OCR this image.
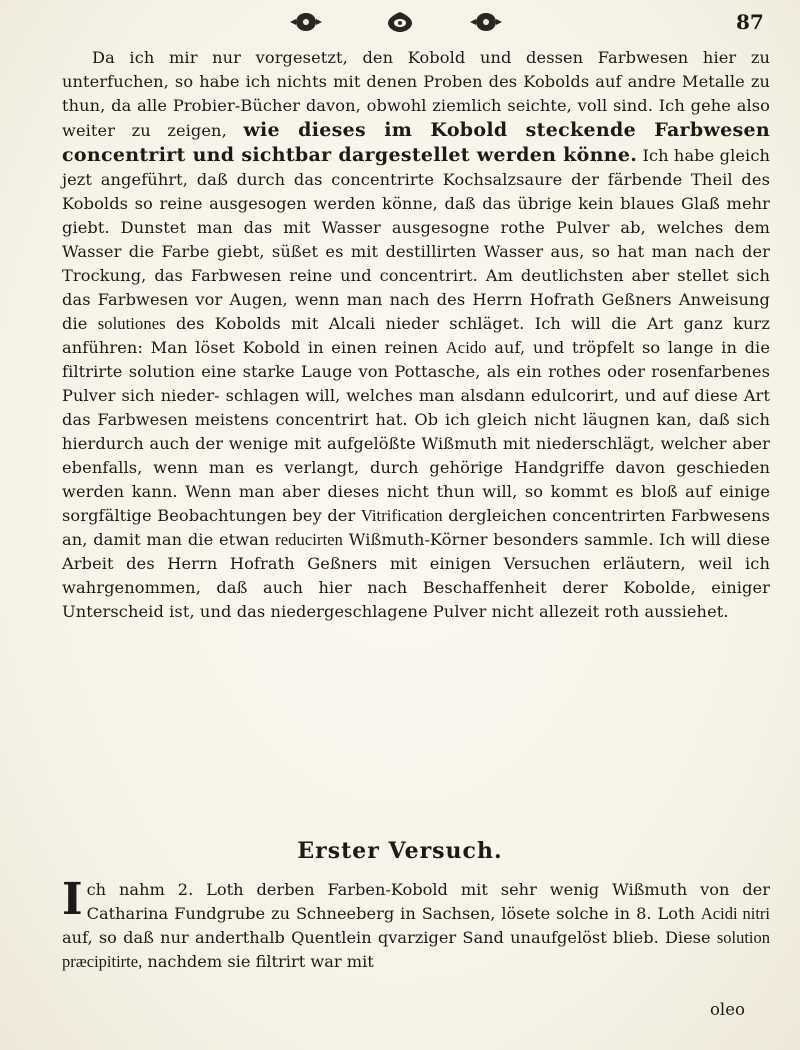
87

Da ich mir nur vorgesetzt, den Kobold und dessen Farbwesen hier zu unterfuchen, so habe ich nichts mit denen Proben des Kobolds auf andre Metalle zu thun, da alle Probier-Bücher davon, obwohl ziemlich seichte, voll sind. Ich gehe also weiter zu zeigen, wie dieses im Kobold steckende Farbwesen concentrirt und sichtbar dargestellet werden könne. Ich habe gleich jezt angeführt, daß durch das concentrirte Kochsalzsaure der färbende Theil des Kobolds so reine ausgesogen werden könne, daß das übrige kein blaues Glaß mehr giebt. Dunstet man das mit Wasser ausgesogne rothe Pulver ab, welches dem Wasser die Farbe giebt, süßet es mit destillirten Wasser aus, so hat man nach der Trockung, das Farbwesen reine und concentrirt. Am deutlichsten aber stellet sich das Farbwesen vor Augen, wenn man nach des Herrn Hofrath Geßners Anweisung die solutiones des Kobolds mit Alcali nieder schläget. Ich will die Art ganz kurz anführen: Man löset Kobold in einen reinen Acido auf, und tröpfelt so lange in die filtrirte solution eine starke Lauge von Pottasche, als ein rothes oder rosenfarbenes Pulver sich nieder- schlagen will, welches man alsdann edulcorirt, und auf diese Art das Farbwesen meistens concentrirt hat. Ob ich gleich nicht läugnen kan, daß sich hierdurch auch der wenige mit aufgelößte Wißmuth mit niederschlägt, welcher aber ebenfalls, wenn man es verlangt, durch gehörige Handgriffe davon geschieden werden kann. Wenn man aber dieses nicht thun will, so kommt es bloß auf einige sorgfältige Beobachtungen bey der Vitrification dergleichen concentrirten Farbwesens an, damit man die etwan reducirten Wißmuth-Körner besonders sammle. Ich will diese Arbeit des Herrn Hofrath Geßners mit einigen Versuchen erläutern, weil ich wahrgenommen, daß auch hier nach Beschaffenheit derer Kobolde, einiger Unterscheid ist, und das niedergeschlagene Pulver nicht allezeit roth aussiehet.

Erster Versuch.

I ch nahm 2. Loth derben Farben-Kobold mit sehr wenig Wißmuth von der Catharina Fundgrube zu Schneeberg in Sachsen, lösete solche in 8. Loth Acidi nitri auf, so daß nur anderthalb Quentlein qvarziger Sand unaufgelöst blieb. Diese solution præcipitirte, nachdem sie filtrirt war mit

oleo
